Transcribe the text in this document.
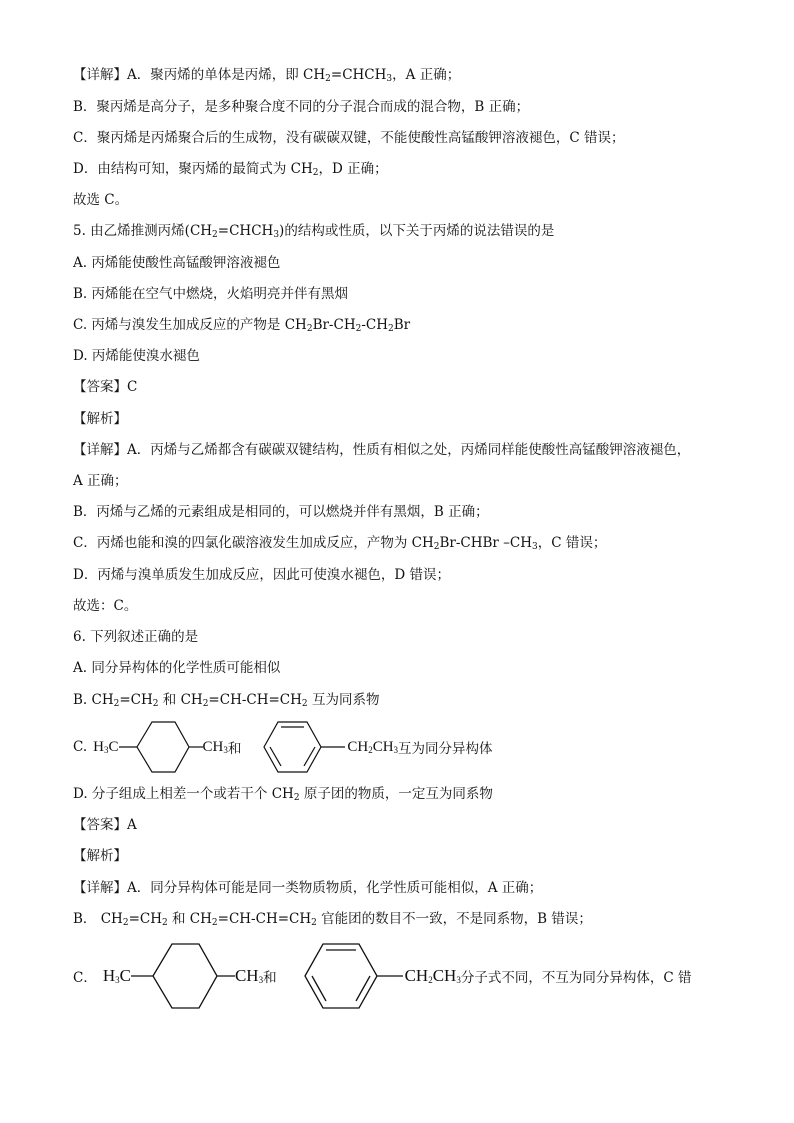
【详解】A．聚丙烯的单体是丙烯，即 $CH_2=CHCH_3$，A 正确；
B．聚丙烯是高分子，是多种聚合度不同的分子混合而成的混合物，B 正确；
C．聚丙烯是丙烯聚合后的生成物，没有碳碳双键，不能使酸性高锰酸钾溶液褪色，C 错误；
D．由结构可知，聚丙烯的最简式为 $CH_2$，D 正确；
故选 C。
5. 由乙烯推测丙烯$(CH_2=CHCH_3)$的结构或性质，以下关于丙烯的说法错误的是
A. 丙烯能使酸性高锰酸钾溶液褪色
B. 丙烯能在空气中燃烧，火焰明亮并伴有黑烟
C. 丙烯与溴发生加成反应的产物是 $CH_2Br-CH_2-CH_2Br$
D. 丙烯能使溴水褪色
【答案】C
【解析】
【详解】A．丙烯与乙烯都含有碳碳双键结构，性质有相似之处，丙烯同样能使酸性高锰酸钾溶液褪色，
A 正确；
B．丙烯与乙烯的元素组成是相同的，可以燃烧并伴有黑烟，B 正确；
C．丙烯也能和溴的四氯化碳溶液发生加成反应，产物为 $CH_2Br$-CHBr $-CH_3$，C 错误；
D．丙烯与溴单质发生加成反应，因此可使溴水褪色，D 错误；
故选：C。
6. 下列叙述正确的是
A. 同分异构体的化学性质可能相似
B. $CH_2=CH_2$ 和 $CH_2=CH-CH=CH_2$ 互为同系物
C. $H_3C$	$CH_3$ 和	$CH_2CH_3$ 互为同分异构体
D. 分子组成上相差一个或若干个 $CH_2$ 原子团的物质，一定互为同系物
【答案】A
【解析】
【详解】A．同分异构体可能是同一类物质物质，化学性质可能相似，A 正确；
B． $CH_2=CH_2$ 和 $CH_2=CH-CH=CH_2$ 官能团的数目不一致，不是同系物，B 错误；
C． $H_3C$	$CH_3$ 和	$CH_2CH_3$ 分子式不同，不互为同分异构体，C 错
